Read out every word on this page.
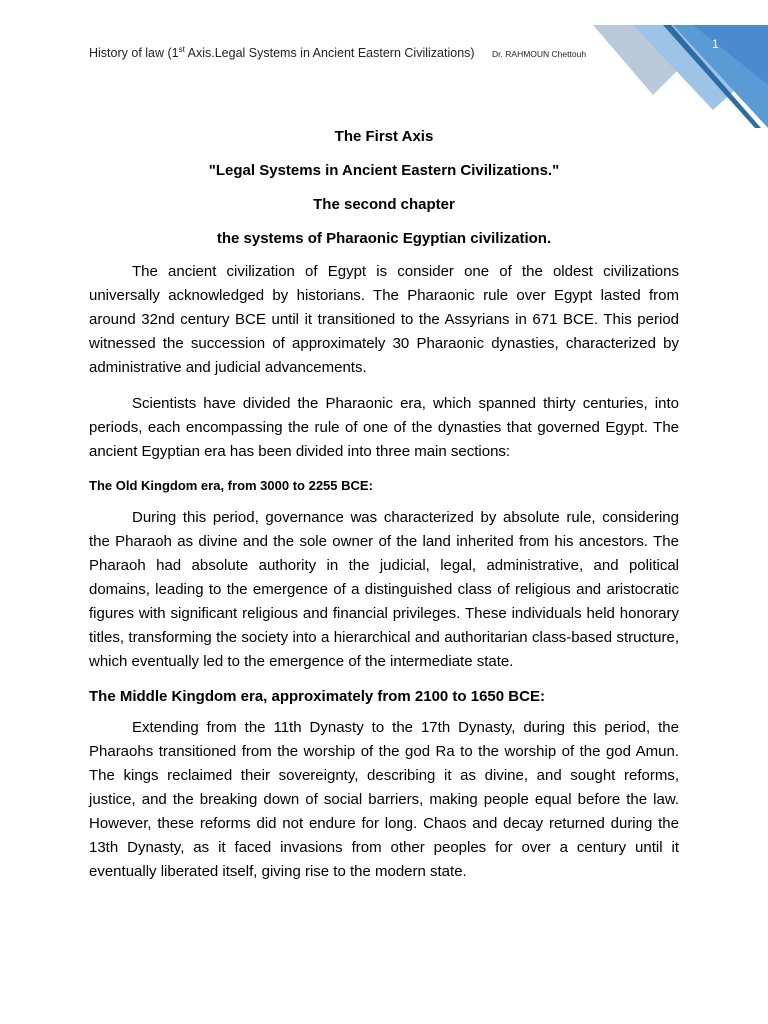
History of law (1st Axis.Legal Systems in Ancient Eastern Civilizations) Dr. RAHMOUN Chettouh
1
The First Axis
"Legal Systems in Ancient Eastern Civilizations."
The second chapter
the systems of Pharaonic Egyptian civilization.

The ancient civilization of Egypt is consider one of the oldest civilizations universally acknowledged by historians. The Pharaonic rule over Egypt lasted from around 32nd century BCE until it transitioned to the Assyrians in 671 BCE. This period witnessed the succession of approximately 30 Pharaonic dynasties, characterized by administrative and judicial advancements.

Scientists have divided the Pharaonic era, which spanned thirty centuries, into periods, each encompassing the rule of one of the dynasties that governed Egypt. The ancient Egyptian era has been divided into three main sections:

The Old Kingdom era, from 3000 to 2255 BCE:

During this period, governance was characterized by absolute rule, considering the Pharaoh as divine and the sole owner of the land inherited from his ancestors. The Pharaoh had absolute authority in the judicial, legal, administrative, and political domains, leading to the emergence of a distinguished class of religious and aristocratic figures with significant religious and financial privileges. These individuals held honorary titles, transforming the society into a hierarchical and authoritarian class-based structure, which eventually led to the emergence of the intermediate state.

The Middle Kingdom era, approximately from 2100 to 1650 BCE:

Extending from the 11th Dynasty to the 17th Dynasty, during this period, the Pharaohs transitioned from the worship of the god Ra to the worship of the god Amun. The kings reclaimed their sovereignty, describing it as divine, and sought reforms, justice, and the breaking down of social barriers, making people equal before the law. However, these reforms did not endure for long. Chaos and decay returned during the 13th Dynasty, as it faced invasions from other peoples for over a century until it eventually liberated itself, giving rise to the modern state.
